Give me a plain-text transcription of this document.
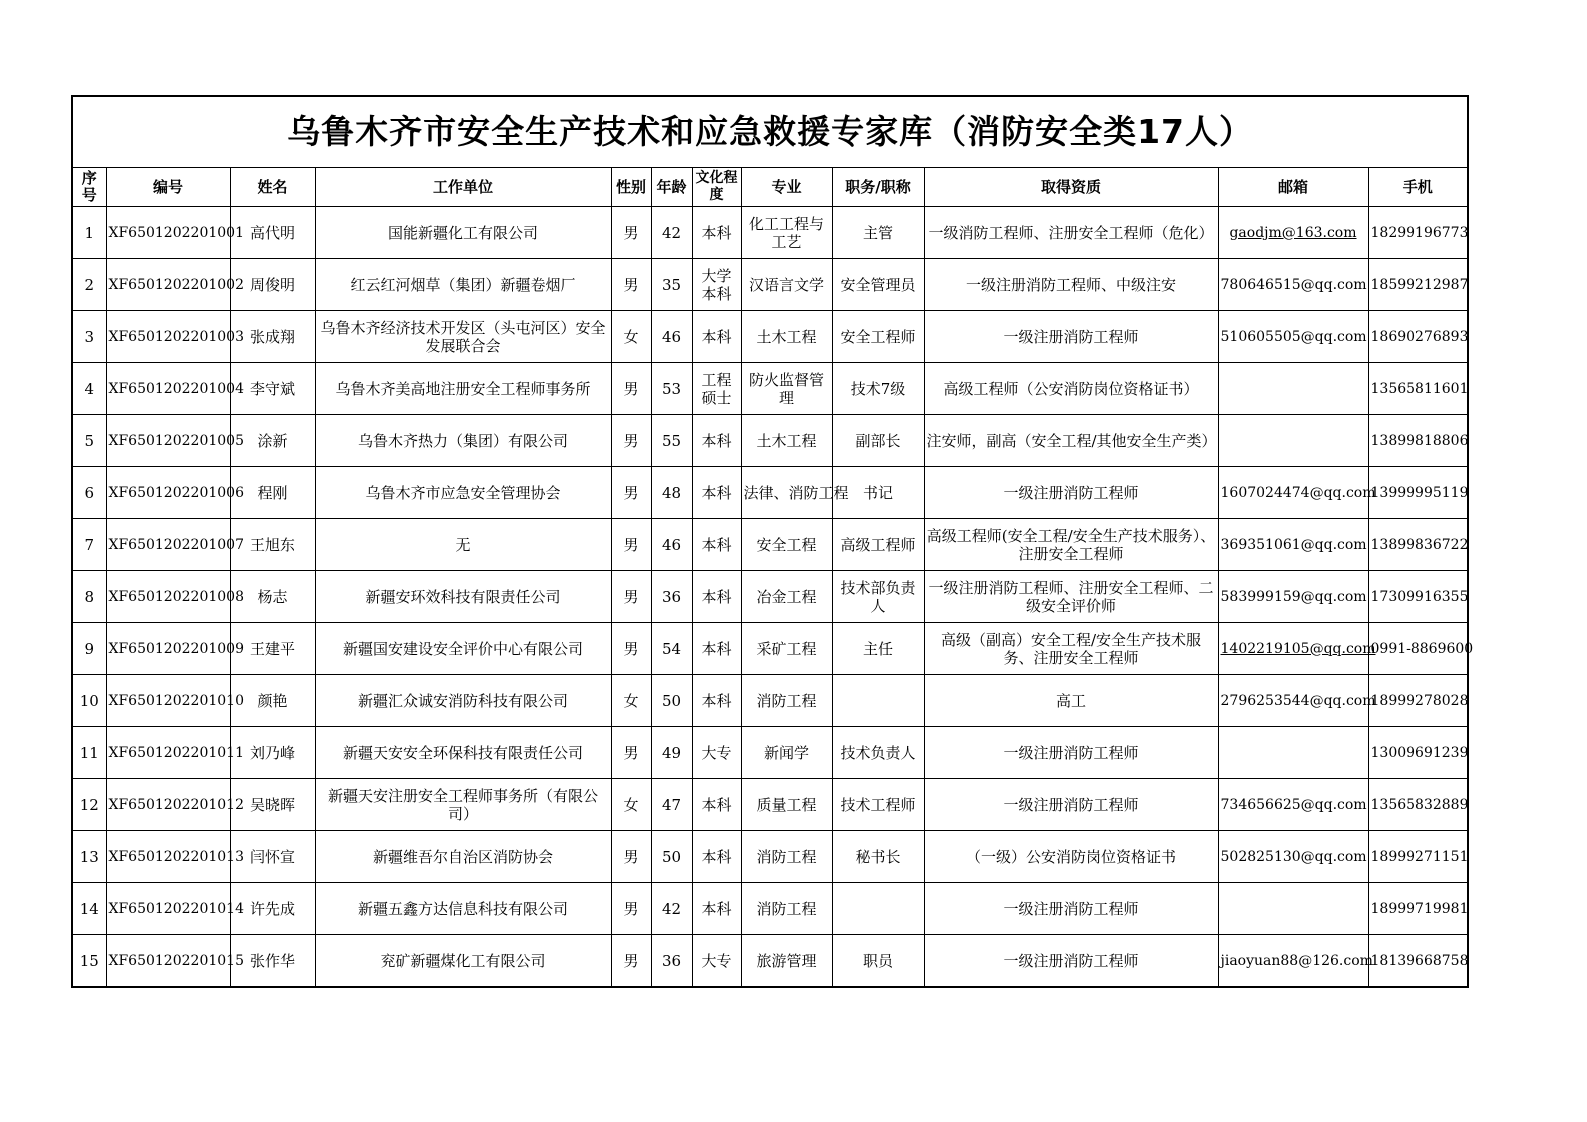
乌鲁木齐市安全生产技术和应急救援专家库（消防安全类17人）											
序号	编号	姓名	工作单位	性别	年龄	文化程度	专业	职务/职称	取得资质	邮箱	手机
1	XF6501202201001	高代明	国能新疆化工有限公司	男	42	本科	化工工程与工艺	主管	一级消防工程师、注册安全工程师（危化）	gaodjm@163.com	18299196773
2	XF6501202201002	周俊明	红云红河烟草（集团）新疆卷烟厂	男	35	大学本科	汉语言文学	安全管理员	一级注册消防工程师、中级注安	780646515@qq.com	18599212987
3	XF6501202201003	张成翔	乌鲁木齐经济技术开发区（头屯河区）安全发展联合会	女	46	本科	土木工程	安全工程师	一级注册消防工程师	510605505@qq.com	18690276893
4	XF6501202201004	李守斌	乌鲁木齐美高地注册安全工程师事务所	男	53	工程硕士	防火监督管理	技术7级	高级工程师（公安消防岗位资格证书）		13565811601
5	XF6501202201005	涂新	乌鲁木齐热力（集团）有限公司	男	55	本科	土木工程	副部长	注安师，副高（安全工程/其他安全生产类）		13899818806
6	XF6501202201006	程刚	乌鲁木齐市应急安全管理协会	男	48	本科	法律、消防工程	书记	一级注册消防工程师	1607024474@qq.com	13999995119
7	XF6501202201007	王旭东	无	男	46	本科	安全工程	高级工程师	高级工程师(安全工程/安全生产技术服务）、注册安全工程师	369351061@qq.com	13899836722
8	XF6501202201008	杨志	新疆安环效科技有限责任公司	男	36	本科	冶金工程	技术部负责人	一级注册消防工程师、注册安全工程师、二级安全评价师	583999159@qq.com	17309916355
9	XF6501202201009	王建平	新疆国安建设安全评价中心有限公司	男	54	本科	采矿工程	主任	高级（副高）安全工程/安全生产技术服务、注册安全工程师	1402219105@qq.com	0991-8869600
10	XF6501202201010	颜艳	新疆汇众诚安消防科技有限公司	女	50	本科	消防工程		高工	2796253544@qq.com	18999278028
11	XF6501202201011	刘乃峰	新疆天安安全环保科技有限责任公司	男	49	大专	新闻学	技术负责人	一级注册消防工程师		13009691239
12	XF6501202201012	吴晓晖	新疆天安注册安全工程师事务所（有限公司）	女	47	本科	质量工程	技术工程师	一级注册消防工程师	734656625@qq.com	13565832889
13	XF6501202201013	闫怀宣	新疆维吾尔自治区消防协会	男	50	本科	消防工程	秘书长	（一级）公安消防岗位资格证书	502825130@qq.com	18999271151
14	XF6501202201014	许先成	新疆五鑫方达信息科技有限公司	男	42	本科	消防工程		一级注册消防工程师		18999719981
15	XF6501202201015	张作华	兖矿新疆煤化工有限公司	男	36	大专	旅游管理	职员	一级注册消防工程师	jiaoyuan88@126.com	18139668758
